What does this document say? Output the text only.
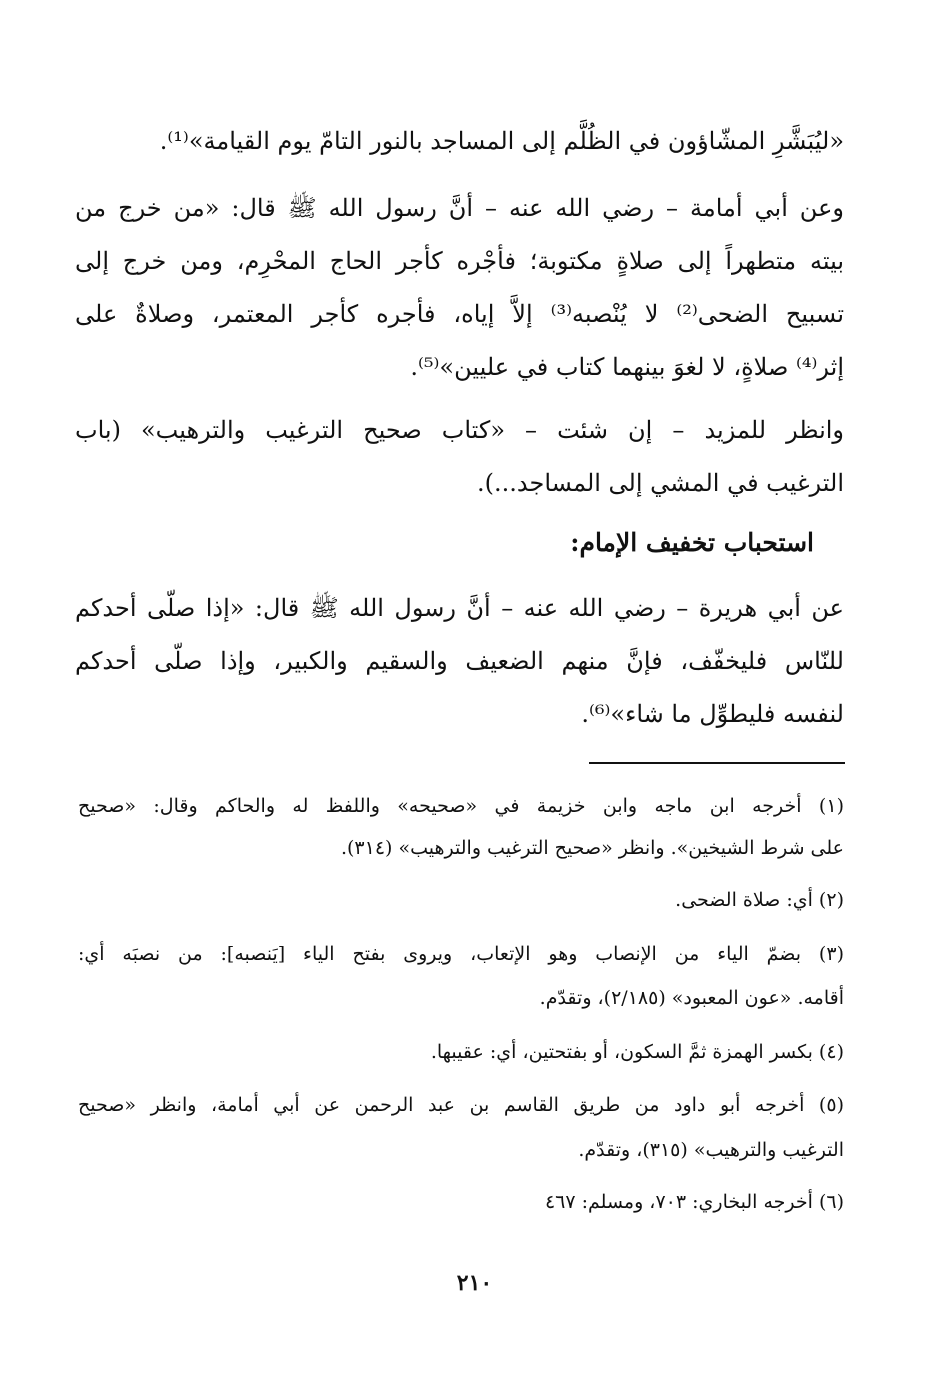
«ليُبَشَّرِ المشّاؤون في الظُلَّم إلى المساجد بالنور التامّ يوم القيامة»⁽¹⁾.
وعن أبي أمامة – رضي الله عنه – أنَّ رسول الله ﷺ قال: «من خرج من
بيته متطهراً إلى صلاةٍ مكتوبة؛ فأجْره كأجر الحاج المحْرِم، ومن خرج إلى
تسبيح الضحى⁽²⁾ لا يُنْصبه⁽³⁾ إلاَّ إياه، فأجره كأجر المعتمر، وصلاةٌ على
إثر⁽⁴⁾ صلاةٍ، لا لغوَ بينهما كتاب في عليين»⁽⁵⁾.
وانظر للمزيد – إن شئت – «كتاب صحيح الترغيب والترهيب» (باب
الترغيب في المشي إلى المساجد...).
استحباب تخفيف الإمام:
عن أبي هريرة – رضي الله عنه – أنَّ رسول الله ﷺ قال: «إذا صلّى أحدكم
للنّاس فليخفّف، فإنَّ منهم الضعيف والسقيم والكبير، وإذا صلّى أحدكم
لنفسه فليطوِّل ما شاء»⁽⁶⁾.
(١) أخرجه ابن ماجه وابن خزيمة في «صحيحه» واللفظ له والحاكم وقال: «صحيح
على شرط الشيخين». وانظر «صحيح الترغيب والترهيب» (٣١٤).
(٢) أي: صلاة الضحى.
(٣) بضمّ الياء من الإنصاب وهو الإتعاب، ويروى بفتح الياء [يَنصبه]: من نصبَه أي:
أقامه. «عون المعبود» (٢/١٨٥)، وتقدّم.
(٤) بكسر الهمزة ثمَّ السكون، أو بفتحتين، أي: عقيبها.
(٥) أخرجه أبو داود من طريق القاسم بن عبد الرحمن عن أبي أمامة، وانظر «صحيح
الترغيب والترهيب» (٣١٥)، وتقدّم.
(٦) أخرجه البخاري: ٧٠٣، ومسلم: ٤٦٧
٢١٠
